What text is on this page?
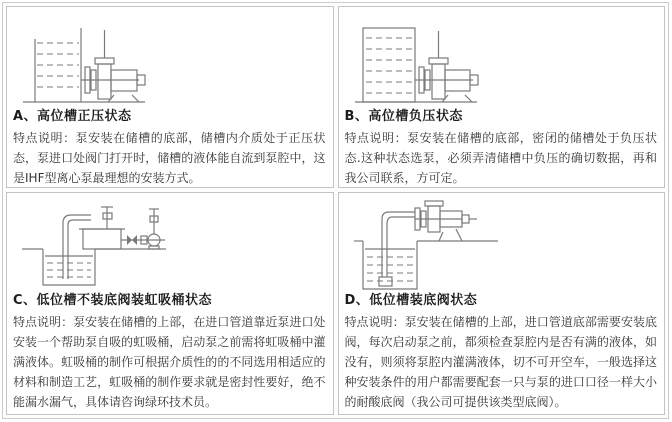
A、高位槽正压状态
特点说明：泵安装在储槽的底部，储槽内介质处于正压状态，泵进口处阀门打开时，储槽的液体能自流到泵腔中，这是IHF型离心泵最理想的安装方式。
B、高位槽负压状态
特点说明：泵安装在储槽的底部，密闭的储槽处于负压状态.这种状态选泵，必须弄清储槽中负压的确切数据，再和我公司联系，方可定。
C、低位槽不装底阀装虹吸桶状态
特点说明：泵安装在储槽的上部，在进口管道靠近泵进口处安装一个帮助泵自吸的虹吸桶，启动泵之前需将虹吸桶中灌满液体。虹吸桶的制作可根据介质性的的不同选用相适应的材料和制造工艺，虹吸桶的制作要求就是密封性要好，绝不能漏水漏气，具体请咨询绿环技术员。
D、低位槽装底阀状态
特点说明：泵安装在储槽的上部，进口管道底部需要安装底阀，每次启动泵之前，都须检查泵腔内是否有满的液体，如没有，则须将泵腔内灌满液体，切不可开空车，一般选择这种安装条件的用户都需要配套一只与泵的进口口径一样大小的耐酸底阀（我公司可提供该类型底阀）。
